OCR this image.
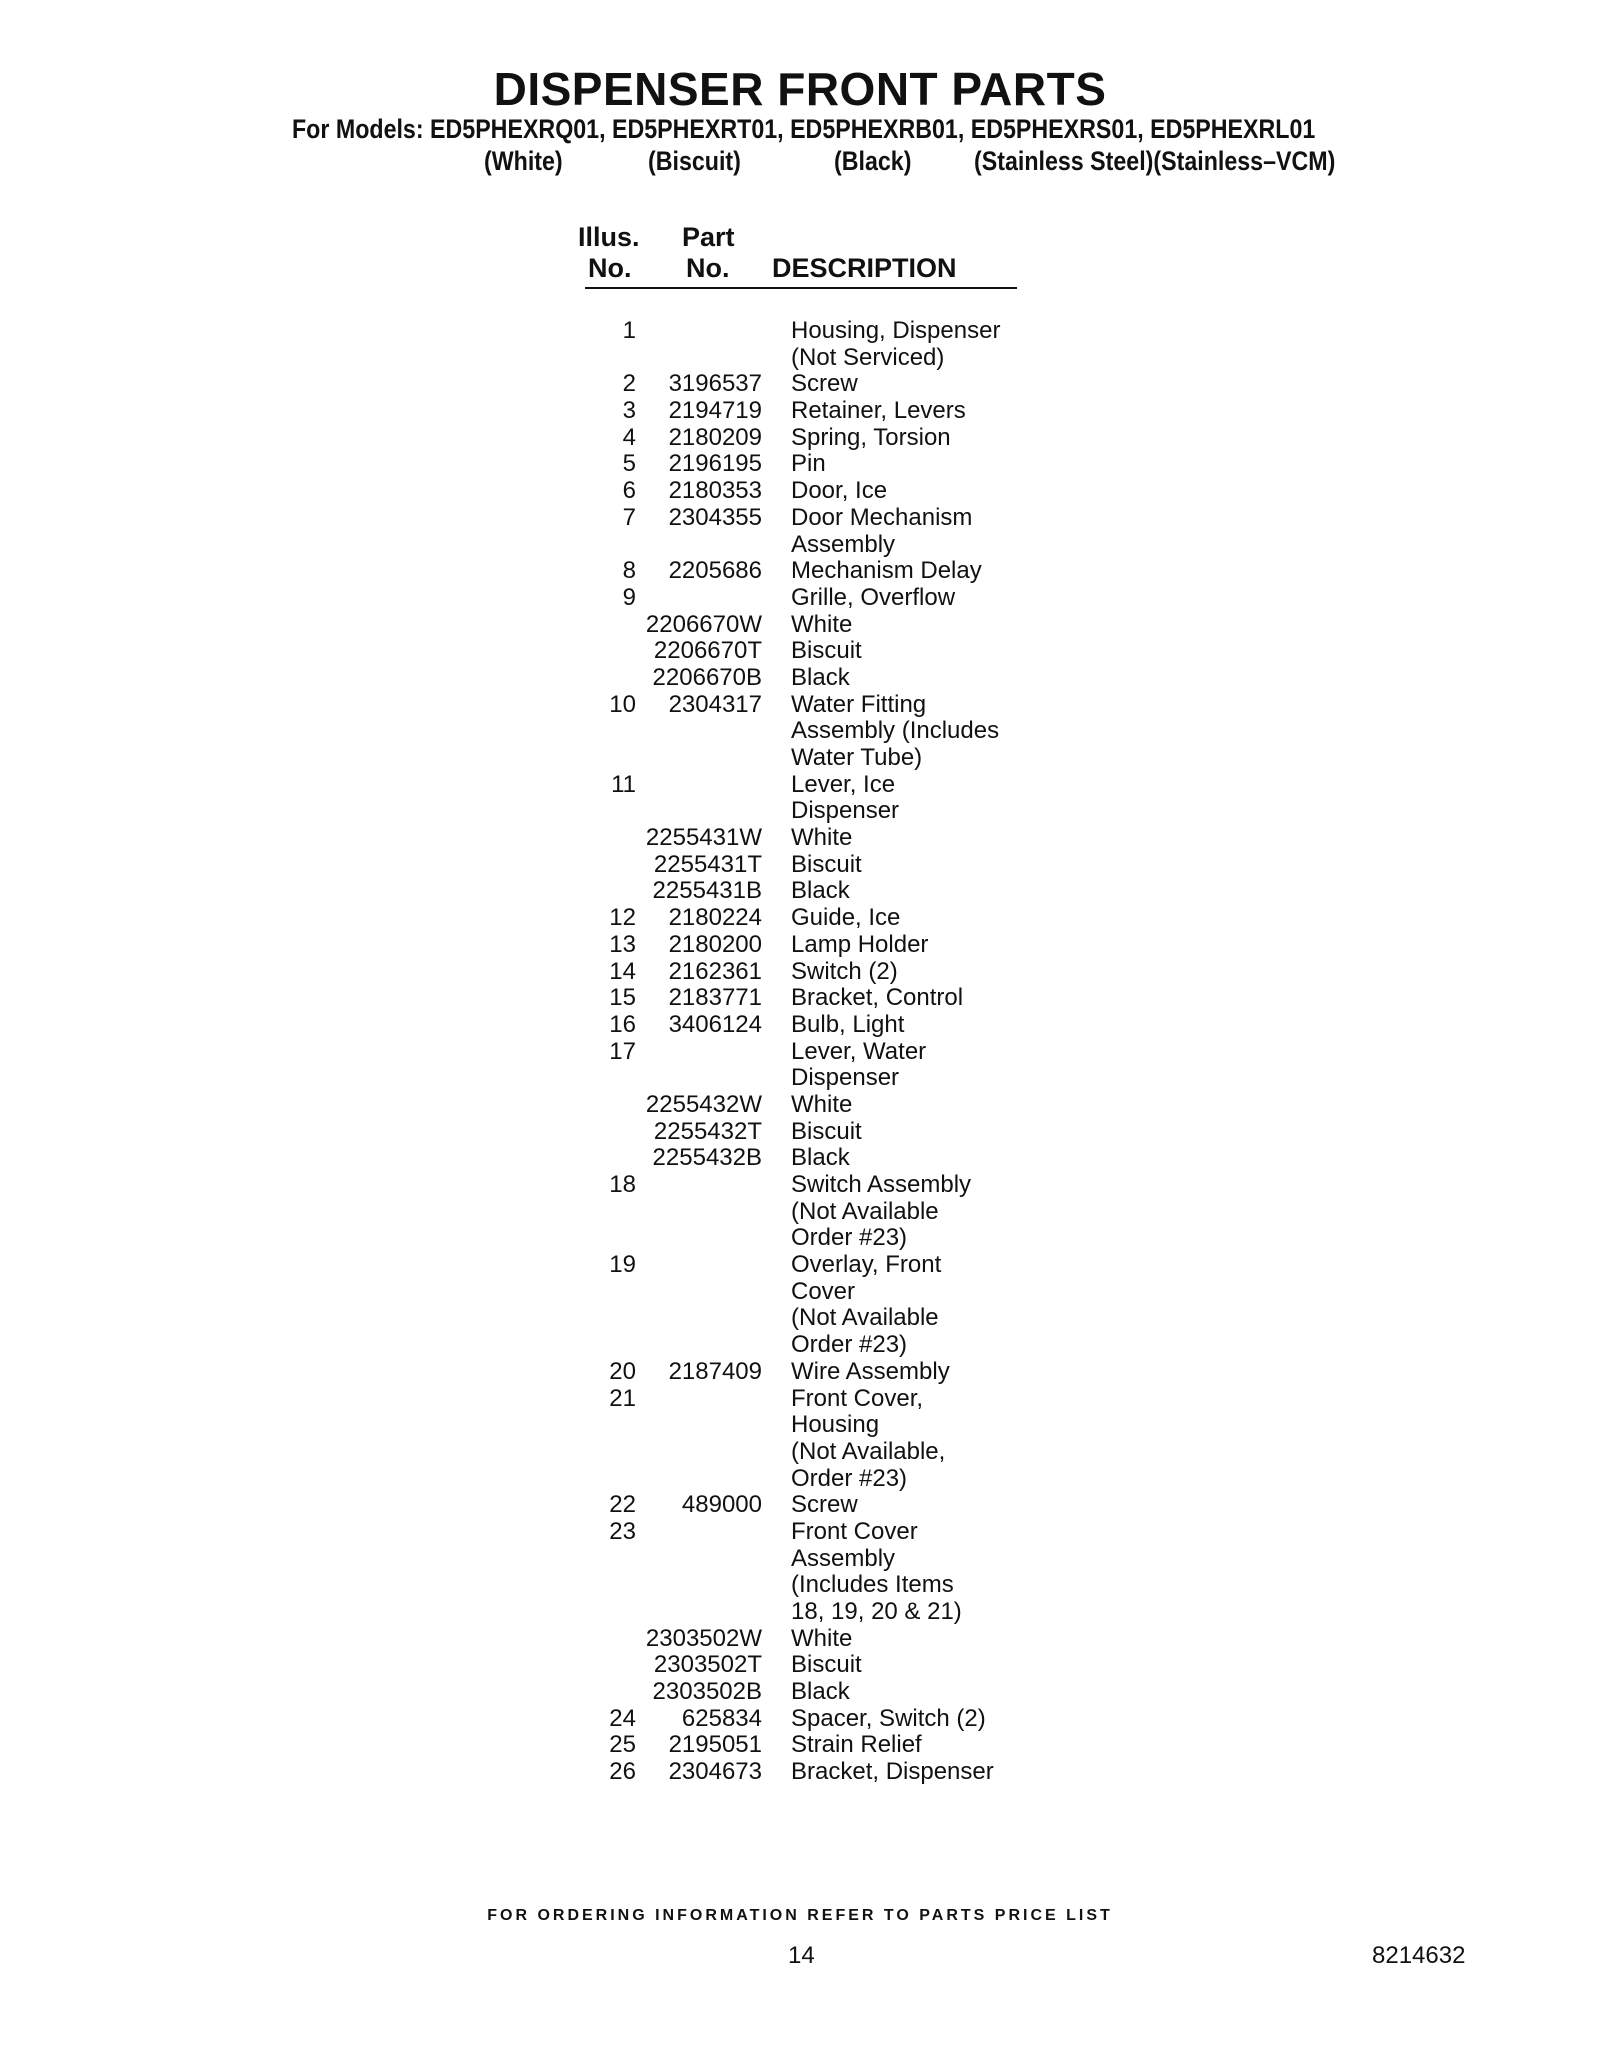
DISPENSER FRONT PARTS
For Models: ED5PHEXRQ01, ED5PHEXRT01, ED5PHEXRB01, ED5PHEXRS01, ED5PHEXRL01
(White)	(Biscuit)	(Black) (Stainless Steel)(Stainless–VCM)
Illus.
No.
Part
No. DESCRIPTION
1	Housing, Dispenser
(Not Serviced)
2	3196537 Screw
3	2194719 Retainer, Levers
4	2180209 Spring, Torsion
5	2196195 Pin
6	2180353 Door, Ice
7	2304355 Door Mechanism
Assembly
8	2205686 Mechanism Delay
9	Grille, Overflow
2206670W White
2206670T Biscuit
2206670B Black
10	2304317 Water Fitting
Assembly (Includes
Water Tube)
11	Lever, Ice
Dispenser
2255431W White
2255431T Biscuit
2255431B Black
12	2180224 Guide, Ice
13	2180200 Lamp Holder
14	2162361 Switch (2)
15	2183771 Bracket, Control
16	3406124 Bulb, Light
17	Lever, Water
Dispenser
2255432W White
2255432T Biscuit
2255432B Black
18	Switch Assembly
(Not Available
Order #23)
19	Overlay, Front
Cover
(Not Available
Order #23)
20	2187409 Wire Assembly
21	Front Cover,
Housing
(Not Available,
Order #23)
22	489000 Screw
23	Front Cover
Assembly
(Includes Items
18, 19, 20 & 21)
2303502W White
2303502T Biscuit
2303502B Black
24	625834 Spacer, Switch (2)
25	2195051 Strain Relief
26	2304673 Bracket, Dispenser
FOR ORDERING INFORMATION REFER TO PARTS PRICE LIST
14	8214632
